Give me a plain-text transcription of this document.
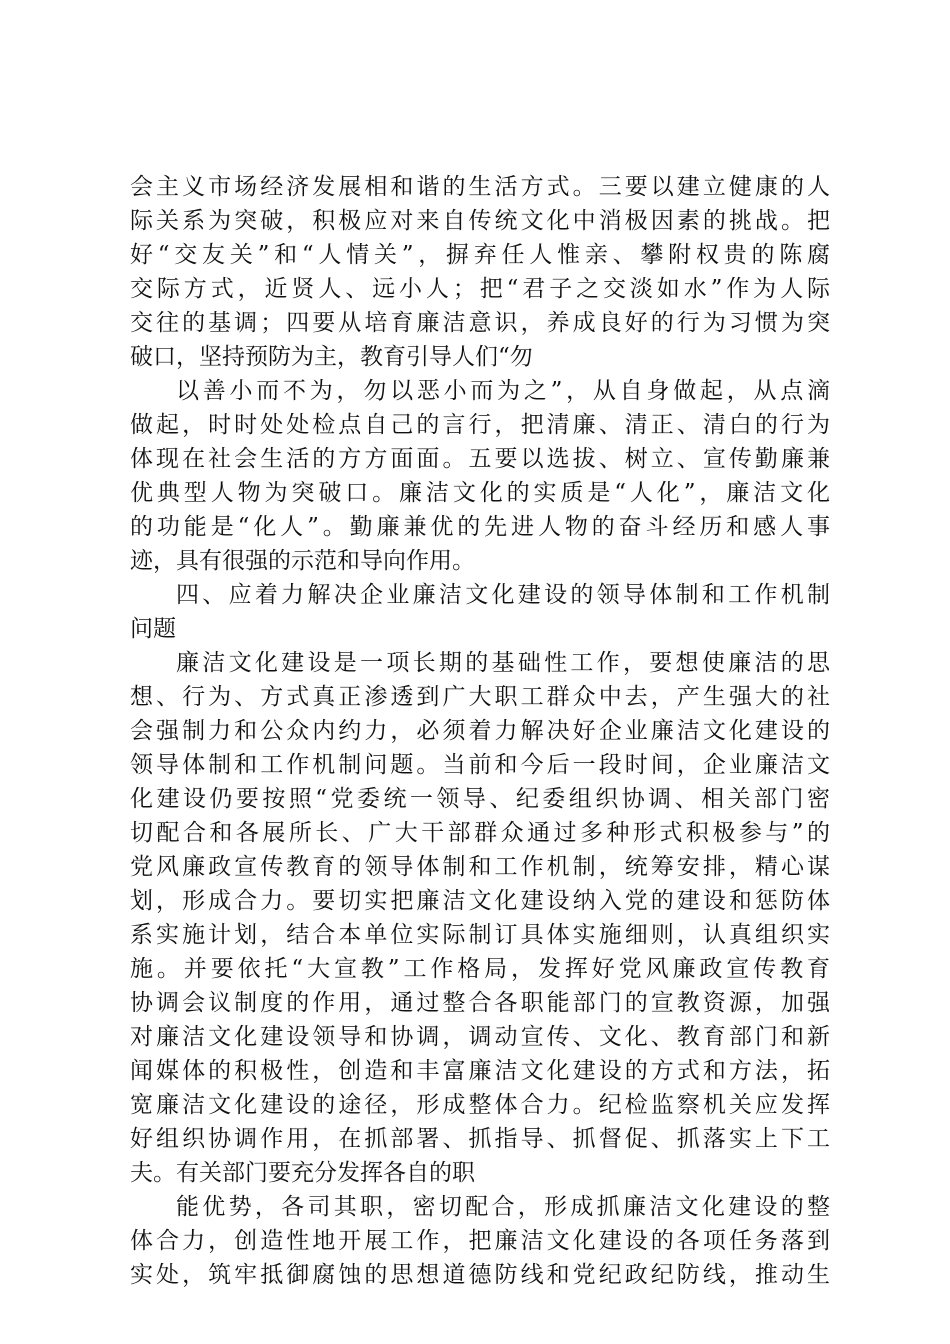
会主义市场经济发展相和谐的生活方式。三要以建立健康的人
际关系为突破，积极应对来自传统文化中消极因素的挑战。把
好“交友关”和“人情关”，摒弃任人惟亲、攀附权贵的陈腐
交际方式，近贤人、远小人；把“君子之交淡如水”作为人际
交往的基调；四要从培育廉洁意识，养成良好的行为习惯为突
破口，坚持预防为主，教育引导人们“勿
以善小而不为，勿以恶小而为之”，从自身做起，从点滴
做起，时时处处检点自己的言行，把清廉、清正、清白的行为
体现在社会生活的方方面面。五要以选拔、树立、宣传勤廉兼
优典型人物为突破口。廉洁文化的实质是“人化”，廉洁文化
的功能是“化人”。勤廉兼优的先进人物的奋斗经历和感人事
迹，具有很强的示范和导向作用。
四、应着力解决企业廉洁文化建设的领导体制和工作机制
问题
廉洁文化建设是一项长期的基础性工作，要想使廉洁的思
想、行为、方式真正渗透到广大职工群众中去，产生强大的社
会强制力和公众内约力，必须着力解决好企业廉洁文化建设的
领导体制和工作机制问题。当前和今后一段时间，企业廉洁文
化建设仍要按照“党委统一领导、纪委组织协调、相关部门密
切配合和各展所长、广大干部群众通过多种形式积极参与”的
党风廉政宣传教育的领导体制和工作机制，统筹安排，精心谋
划，形成合力。要切实把廉洁文化建设纳入党的建设和惩防体
系实施计划，结合本单位实际制订具体实施细则，认真组织实
施。并要依托“大宣教”工作格局，发挥好党风廉政宣传教育
协调会议制度的作用，通过整合各职能部门的宣教资源，加强
对廉洁文化建设领导和协调，调动宣传、文化、教育部门和新
闻媒体的积极性，创造和丰富廉洁文化建设的方式和方法，拓
宽廉洁文化建设的途径，形成整体合力。纪检监察机关应发挥
好组织协调作用，在抓部署、抓指导、抓督促、抓落实上下工
夫。有关部门要充分发挥各自的职
能优势，各司其职，密切配合，形成抓廉洁文化建设的整
体合力，创造性地开展工作，把廉洁文化建设的各项任务落到
实处，筑牢抵御腐蚀的思想道德防线和党纪政纪防线，推动生
